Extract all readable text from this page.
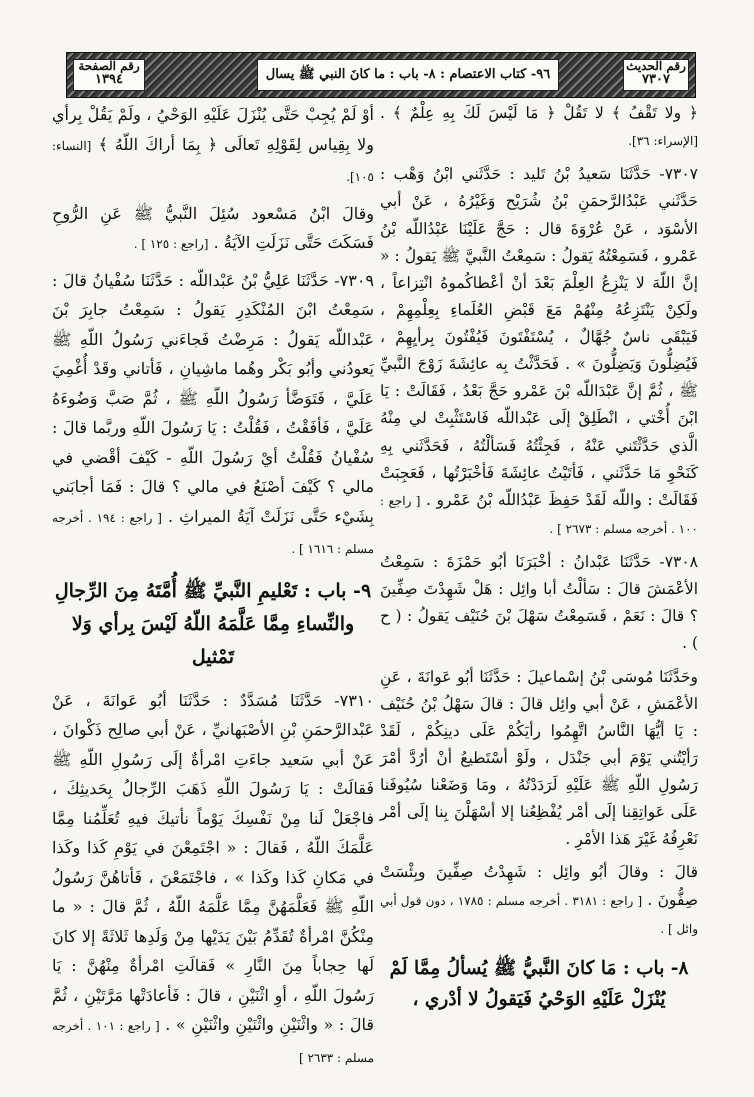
رقم الحديث
٧٣٠٧
٩٦- كتاب الاعتصام : ٨- باب : ما كانَ النبي ﷺ يسال
رقم الصفحة
١٣٩٤

﴿ ولا تَقْفُ ﴾ لا تَقُلْ ﴿ مَا لَيْسَ لَكَ بِهِ عِلْمٌ ﴾ . [الإسراء: ٣٦].

٧٣٠٧- حَدَّثَنَا سَعيدُ بْنُ تَليد : حَدَّثَني ابْنُ وَهْب : حَدَّثَني عَبْدُالرَّحمَنِ بْنُ شُرَيْح وَغَيْرُهُ ، عَنْ أبي الأسْوَد ، عَنْ عُرْوَةَ قال : حَجَّ عَلَيْنَا عَبْدُاللّه بْنُ عَمْرو ، فَسَمِعْتُهُ يَقولُ : سَمِعْتُ النَّبيَّ ﷺ يَقولُ : « إنَّ اللّهَ لا يَنْزِعُ العِلْمَ بَعْدَ أنْ أعْطاكُموهُ انْتِزاعاً ، ولَكِنْ يَنْتَزِعُهُ مِنْهُمْ مَعَ قَبْضِ العُلَماءِ بِعِلْمِهِمْ ، فَيَبْقَى ناسٌ جُهَّالٌ ، يُسْتَفْتَونَ فَيُفْتُونَ بِرأيِهِمْ ، فَيُضِلُّونَ وَيَضِلُّونَ » . فَحَدَّثْتُ بِه عائِشَةَ زَوْجَ النَّبيِّ ﷺ ، ثُمَّ إنَّ عَبْدَاللّه بْنَ عَمْرو حَجَّ بَعْدُ ، فَقَالَتْ : يَا ابْنَ أُخْتي ، انْطَلِقْ إلَى عَبْداللّه فَاسْتَثْبِتْ لي مِنْهُ الَّذي حَدَّثْتَني عَنْهُ ، فَجِئْتُهُ فَسَألْتُهُ ، فَحَدَّثَني بِهِ كَنَحْوِ مَا حَدَّثَني ، فَأتَيْتُ عائِشَةَ فَأخْبَرْتُها ، فَعَجِبَتْ فَقَالَتْ : واللّه لَقَدْ حَفِظَ عَبْدُاللّه بْنُ عَمْرو . [ راجع : ١٠٠ . أخرجه مسلم : ٢٦٧٣ ] .

٧٣٠٨- حَدَّثَنَا عَبْدانُ : أخْبَرَنَا أبُو حَمْزَةَ : سَمِعْتُ الأعْمَشَ قالَ : سَألْتُ أبا وائِل : هَلْ شَهِدْتَ صِفِّينَ ؟ قالَ : نَعَمْ ، فَسَمِعْتُ سَهْلَ بْنَ حُنَيْف يَقولُ : ( ح ) .

وحَدَّثَنَا مُوسَى بْنُ إسْماعيلَ : حَدَّثَنَا أبُو عَوانَةَ ، عَنِ الأعْمَشِ ، عَنْ أبي وائِل قالَ : قالَ سَهْلُ بْنُ حُنَيْف : يَا أيُّهَا النَّاسُ اتَّهِمُوا رأيَكُمْ عَلَى دينِكُمْ ، لَقَدْ رَأيْتُني يَوْمَ أبي جَنْدَل ، ولَوْ أسْتَطيعُ أنْ أرُدَّ أمْرَ رَسُولِ اللّهِ ﷺ عَلَيْهِ لَرَدَدْتُهُ ، ومَا وَضَعْنا سُيُوفَنا عَلَى عَواتِقِنا إلَى أمْر يُفْظِعُنا إلا أسْهَلْنَ بِنا إلَى أمْر نَعْرِفُهُ غَيْرَ هَذا الأمْرِ .

قالَ : وقالَ أبُو وائِل : شَهِدْتُ صِفِّينَ وبِئْسَتْ صِفُّونَ . [ راجع : ٣١٨١ . أخرجه مسلم : ١٧٨٥ ، دون قول أبي وائل ] .

٨- باب : مَا كانَ النَّبيُّ ﷺ يُسألُ مِمَّا لَمْ يُنْزَلْ عَلَيْهِ الوَحْيُ فَيَقولُ لا أدْري ،

أوْ لَمْ يُجِبْ حَتَّى يُنْزَلَ عَلَيْهِ الوَحْيُ ، ولَمْ يَقُلْ بِرأي ولا بِقِياس لِقَوْلِهِ تَعالَى ﴿ بِمَا أراكَ اللّهُ ﴾ [النساء: ١٠٥].

وقالَ ابْنُ مَسْعود سُئِلَ النَّبيُّ ﷺ عَنِ الرُّوحِ فَسَكَتَ حَتَّى نَزَلَتِ الآيَةُ . [راجع : ١٢٥ ] .

٧٣٠٩- حَدَّثَنَا عَلِيُّ بْنُ عَبْداللّه : حَدَّثَنَا سُفْيانُ قالَ : سَمِعْتُ ابْنَ المُنْكَدِرِ يَقولُ : سَمِعْتُ جابِرَ بْنَ عَبْداللّه يَقولُ : مَرِضْتُ فَجاءَني رَسُولُ اللّهِ ﷺ يَعودُني وأبُو بَكْر وهُما ماشِيانِ ، فَأتاني وقَدْ أُغْمِيَ عَلَيَّ ، فَتَوَضَّأ رَسُولُ اللّهِ ﷺ ، ثُمَّ صَبَّ وَضُوءَهُ عَلَيَّ ، فَأفَقْتُ ، فَقُلْتُ : يَا رَسُولَ اللّهِ وربَّما قالَ : سُفْيانُ فَقُلْتُ أيْ رَسُولَ اللّهِ - كَيْفَ أقْضي في مالي ؟ كَيْفَ أصْنَعُ في مالي ؟ قالَ : فَمَا أجابَني بِشَيْء حَتَّى نَزَلَتْ آيَةُ الميراثِ . [ راجع : ١٩٤ . أخرجه مسلم : ١٦١٦ ] .

٩- باب : تَعْليمِ النَّبيِّ ﷺ أُمَّتَهُ مِنَ الرِّجالِ والنِّساءِ مِمَّا عَلَّمَهُ اللّهُ لَيْسَ بِرأي وَلا تَمْثيل

٧٣١٠- حَدَّثَنَا مُسَدَّدٌ : حَدَّثَنَا أبُو عَوانَةَ ، عَنْ عَبْدالرَّحمَنِ بْنِ الأصْبَهانيِّ ، عَنْ أبي صالِح ذَكْوانَ ، عَنْ أبي سَعيد جاءَتِ امْرأةٌ إلَى رَسُولِ اللّهِ ﷺ فَقالَتْ : يَا رَسُولَ اللّهِ ذَهَبَ الرِّجالُ بِحَديثِكَ ، فاجْعَلْ لَنا مِنْ نَفْسِكَ يَوْماً نأتيكَ فيهِ تُعَلِّمُنا مِمَّا عَلَّمَكَ اللّهُ ، فَقالَ : « اجْتَمِعْنَ في يَوْمِ كَذا وكَذا في مَكانِ كَذا وكَذا » ، فاجْتَمَعْنَ ، فَأتاهُنَّ رَسُولُ اللّهِ ﷺ فَعَلَّمَهُنَّ مِمَّا عَلَّمَهُ اللّهُ ، ثُمَّ قالَ : « ما مِنْكُنَّ امْرأةٌ تُقَدِّمُ بَيْنَ يَدَيْها مِنْ وَلَدِها ثَلاثَةً إلا كانَ لَها حِجاباً مِنَ النَّارِ » فَقالَتِ امْرأةٌ مِنْهُنَّ : يَا رَسُولَ اللّهِ ، أوِ اثْنَيْنِ ، قالَ : فَأعادَتْها مَرَّتَيْنِ ، ثُمَّ قالَ : « واثْنَيْنِ واثْنَيْنِ واثْنَيْنِ » . [ راجع : ١٠١ . أخرجه مسلم : ٢٦٣٣ ]
